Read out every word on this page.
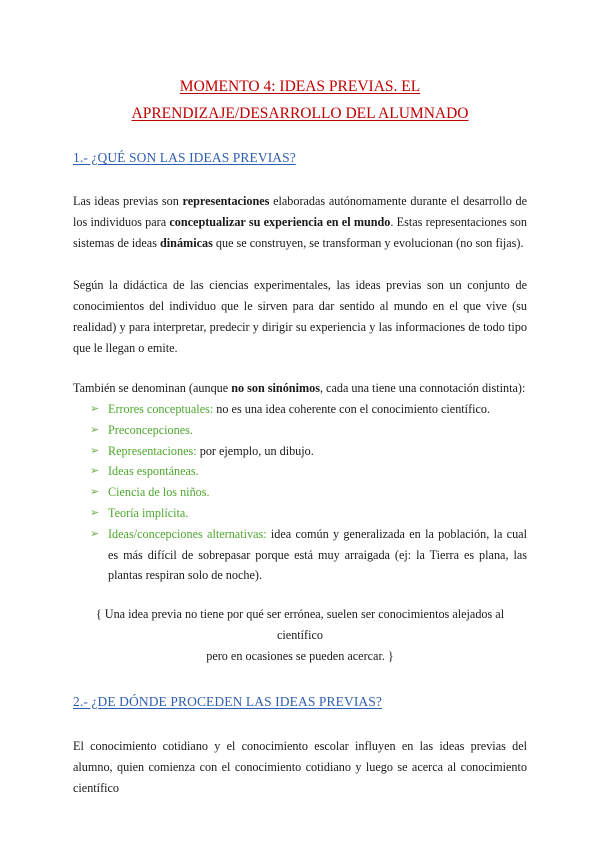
MOMENTO 4: IDEAS PREVIAS. EL
APRENDIZAJE/DESARROLLO DEL ALUMNADO
1.- ¿QUÉ SON LAS IDEAS PREVIAS?
Las ideas previas son representaciones elaboradas autónomamente durante el desarrollo de los individuos para conceptualizar su experiencia en el mundo. Estas representaciones son sistemas de ideas dinámicas que se construyen, se transforman y evolucionan (no son fijas).
Según la didáctica de las ciencias experimentales, las ideas previas son un conjunto de conocimientos del individuo que le sirven para dar sentido al mundo en el que vive (su realidad) y para interpretar, predecir y dirigir su experiencia y las informaciones de todo tipo que le llegan o emite.
También se denominan (aunque no son sinónimos, cada una tiene una connotación distinta):
➢ Errores conceptuales: no es una idea coherente con el conocimiento científico.
➢ Preconcepciones.
➢ Representaciones: por ejemplo, un dibujo.
➢ Ideas espontáneas.
➢ Ciencia de los niños.
➢ Teoría implícita.
➢ Ideas/concepciones alternativas: idea común y generalizada en la población, la cual es más difícil de sobrepasar porque está muy arraigada (ej: la Tierra es plana, las plantas respiran solo de noche).
{ Una idea previa no tiene por qué ser errónea, suelen ser conocimientos alejados al científico
pero en ocasiones se pueden acercar. }
2.- ¿DE DÓNDE PROCEDEN LAS IDEAS PREVIAS?
El conocimiento cotidiano y el conocimiento escolar influyen en las ideas previas del alumno, quien comienza con el conocimiento cotidiano y luego se acerca al conocimiento científico
